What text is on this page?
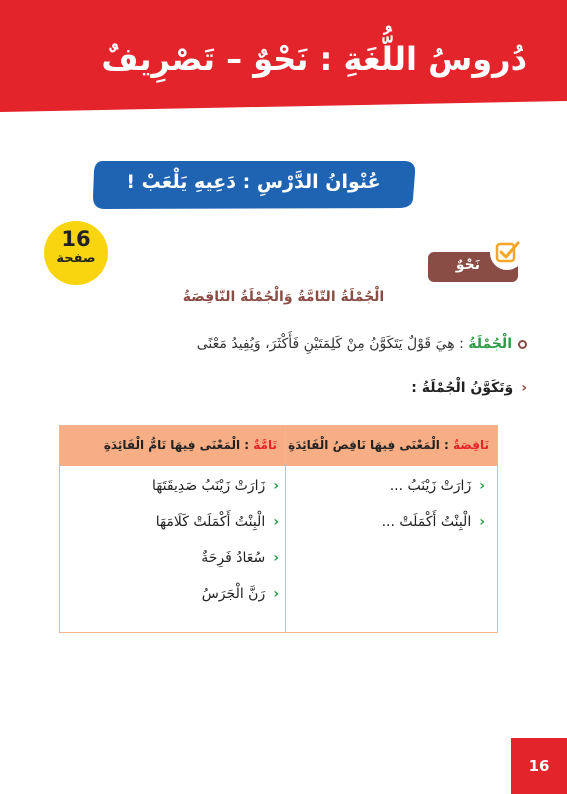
دُروسُ اللُّغَةِ : نَحْوٌ – تَصْرِيفٌ
عُنْوانُ الدَّرْسِ : دَعِيهِ يَلْعَبْ !
16
صفحة	نَحْوٌ
الْجُمْلَةُ التّامَّةُ وَالْجُمْلَةُ النّاقِصَةُ
الْجُمْلَةُ : هِيَ قَوْلٌ يَتَكَوَّنُ مِنْ كَلِمَتَيْنِ فَأَكْثَرَ، وَيُفِيدُ مَعْنًى
‹وَتَكَوَّنُ الْجُمْلَةُ :
نَاقِصَةٌ : الْمَعْنَى فِيهَا نَاقِصُ الْفَائِدَةِ
تَامَّةٌ : الْمَعْنَى فِيهَا تَامُّ الْفَائِدَةِ
‹زَارَتْ زَيْنَبُ ...
‹الْبِنْتُ أَكْمَلَتْ ...
‹زَارَتْ زَيْنَبُ صَدِيقَتَهَا
‹الْبِنْتُ أَكْمَلَتْ كَلَامَهَا
‹سُعَادُ فَرِحَةٌ
‹رَنَّ الْجَرَسُ
16
